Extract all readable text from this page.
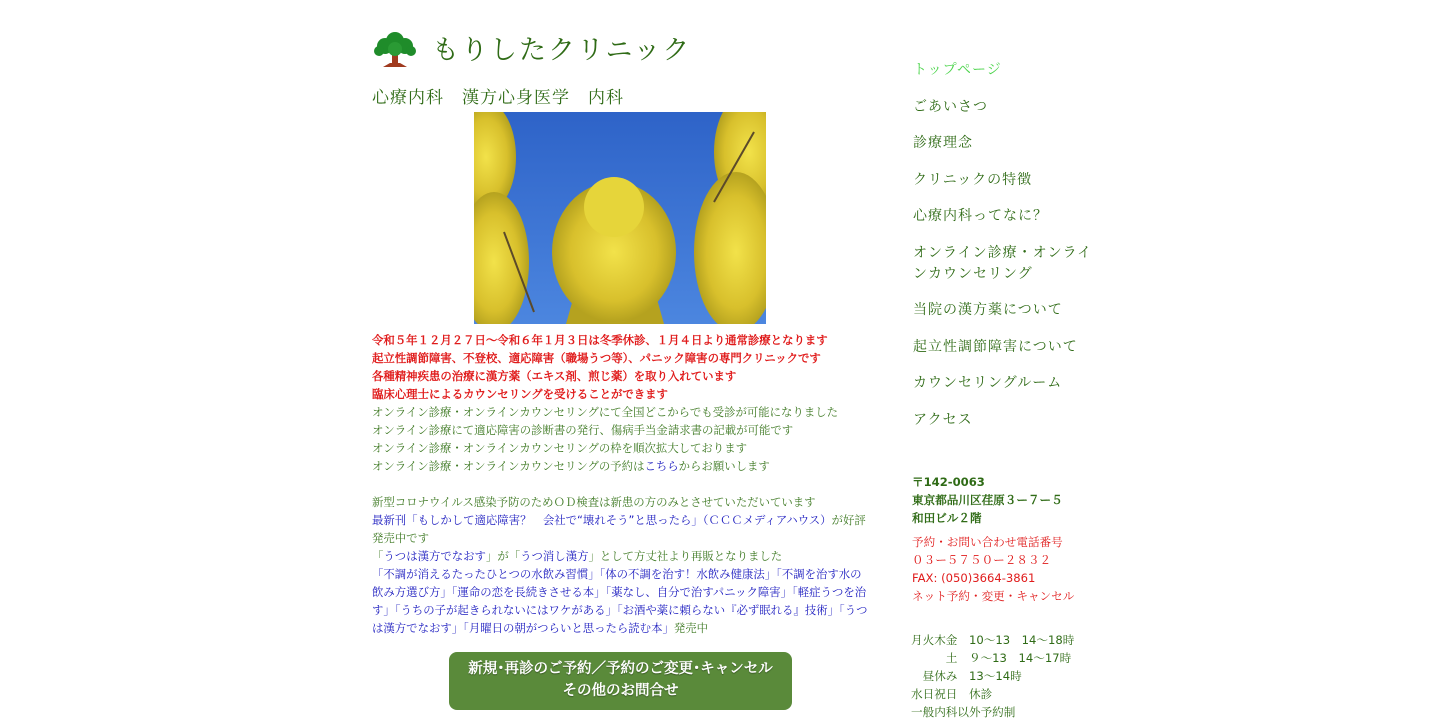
もりしたクリニック
心療内科　漢方心身医学　内科
令和５年１２月２７日〜令和６年１月３日は冬季休診、１月４日より通常診療となります
起立性調節障害、不登校、適応障害（職場うつ等）、パニック障害の専門クリニックです
各種精神疾患の治療に漢方薬（エキス剤、煎じ薬）を取り入れています
臨床心理士によるカウンセリングを受けることができます
オンライン診療・オンラインカウンセリングにて全国どこからでも受診が可能になりました
オンライン診療にて適応障害の診断書の発行、傷病手当金請求書の記載が可能です
オンライン診療・オンラインカウンセリングの枠を順次拡大しております
オンライン診療・オンラインカウンセリングの予約はこちらからお願いします
新型コロナウイルス感染予防のためＯＤ検査は新患の方のみとさせていただいています
最新刊「もしかして適応障害？　会社で“壊れそう”と思ったら」（ＣＣＣメディアハウス）が好評発売中です
「うつは漢方でなおす」が「うつ消し漢方」として方丈社より再販となりました
「不調が消えるたったひとつの水飲み習慣」「体の不調を治す！水飲み健康法」「不調を治す水の飲み方選び方」「運命の恋を長続きさせる本」「薬なし、自分で治すパニック障害」「軽症うつを治す」「うちの子が起きられないにはワケがある」「お酒や薬に頼らない『必ず眠れる』技術」「うつは漢方でなおす」「月曜日の朝がつらいと思ったら読む本」発売中
新規･再診のご予約／予約のご変更･キャンセル
その他のお問合せ
トップページ
ごあいさつ
診療理念
クリニックの特徴
心療内科ってなに？
オンライン診療・オンラインカウンセリング
当院の漢方薬について
起立性調節障害について
カウンセリングルーム
アクセス
〒142-0063
東京都品川区荏原３ー７ー５
和田ビル２階
予約・お問い合わせ電話番号
０３ー５７５０ー２８３２
FAX: (050)3664-3861
ネット予約・変更・キャンセル
月火木金　10～13　14～18時
　　　土　９～13　14～17時
　昼休み　13～14時
水日祝日　休診
一般内科以外予約制
